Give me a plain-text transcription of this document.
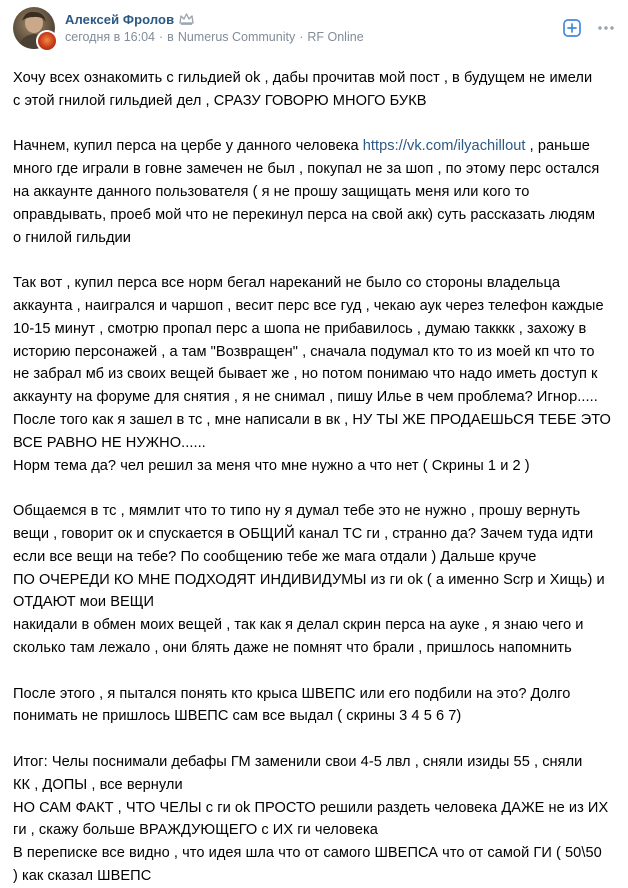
Алексей Фролов
сегодня в 16:04 · в Numerus Community · RF Online
Хочу всех ознакомить с гильдией ok , дабы прочитав мой пост , в будущем не имели
с этой гнилой гильдией дел , СРАЗУ ГОВОРЮ МНОГО БУКВ
Начнем, купил перса на цербе у данного человека https://vk.com/ilyachillout , раньше
много где играли в говне замечен не был , покупал не за шоп , по этому перс остался
на аккаунте данного пользователя ( я не прошу защищать меня или кого то
оправдывать, проеб мой что не перекинул перса на свой акк) суть рассказать людям
о гнилой гильдии
Так вот , купил перса все норм бегал нареканий не было со стороны владельца
аккаунта , наигрался и чаршоп , весит перс все гуд , чекаю аук через телефон каждые
10-15 минут , смотрю пропал перс а шопа не прибавилось , думаю такккк , захожу в
историю персонажей , а там "Возвращен" , сначала подумал кто то из моей кп что то
не забрал мб из своих вещей бывает же , но потом понимаю что надо иметь доступ к
аккаунту на форуме для снятия , я не снимал , пишу Илье в чем проблема? Игнор.....
После того как я зашел в тс , мне написали в вк , НУ ТЫ ЖЕ ПРОДАЕШЬСЯ ТЕБЕ ЭТО
ВСЕ РАВНО НЕ НУЖНО......
Норм тема да? чел решил за меня что мне нужно а что нет ( Скрины 1 и 2 )
Общаемся в тс , мямлит что то типо ну я думал тебе это не нужно , прошу вернуть
вещи , говорит ок и спускается в ОБЩИЙ канал ТС ги , странно да? Зачем туда идти
если все вещи на тебе? По сообщению тебе же мага отдали ) Дальше круче
ПО ОЧЕРЕДИ КО МНЕ ПОДХОДЯТ ИНДИВИДУМЫ из ги ok ( а именно Scrp и Хищь) и
ОТДАЮТ мои ВЕЩИ
накидали в обмен моих вещей , так как я делал скрин перса на ауке , я знаю чего и
сколько там лежало , они блять даже не помнят что брали , пришлось напомнить
После этого , я пытался понять кто крыса ШВЕПС или его подбили на это? Долго
понимать не пришлось ШВЕПС сам все выдал ( скрины 3 4 5 6 7)
Итог: Челы поснимали дебафы ГМ заменили свои 4-5 лвл , сняли изиды 55 , сняли
КК , ДОПЫ , все вернули
НО САМ ФАКТ , ЧТО ЧЕЛЫ с ги ok ПРОСТО решили раздеть человека ДАЖЕ не из ИХ
ги , скажу больше ВРАЖДУЮЩЕГО с ИХ ги человека
В переписке все видно , что идея шла что от самого ШВЕПСА что от самой ГИ ( 50\50
) как сказал ШВЕПС
